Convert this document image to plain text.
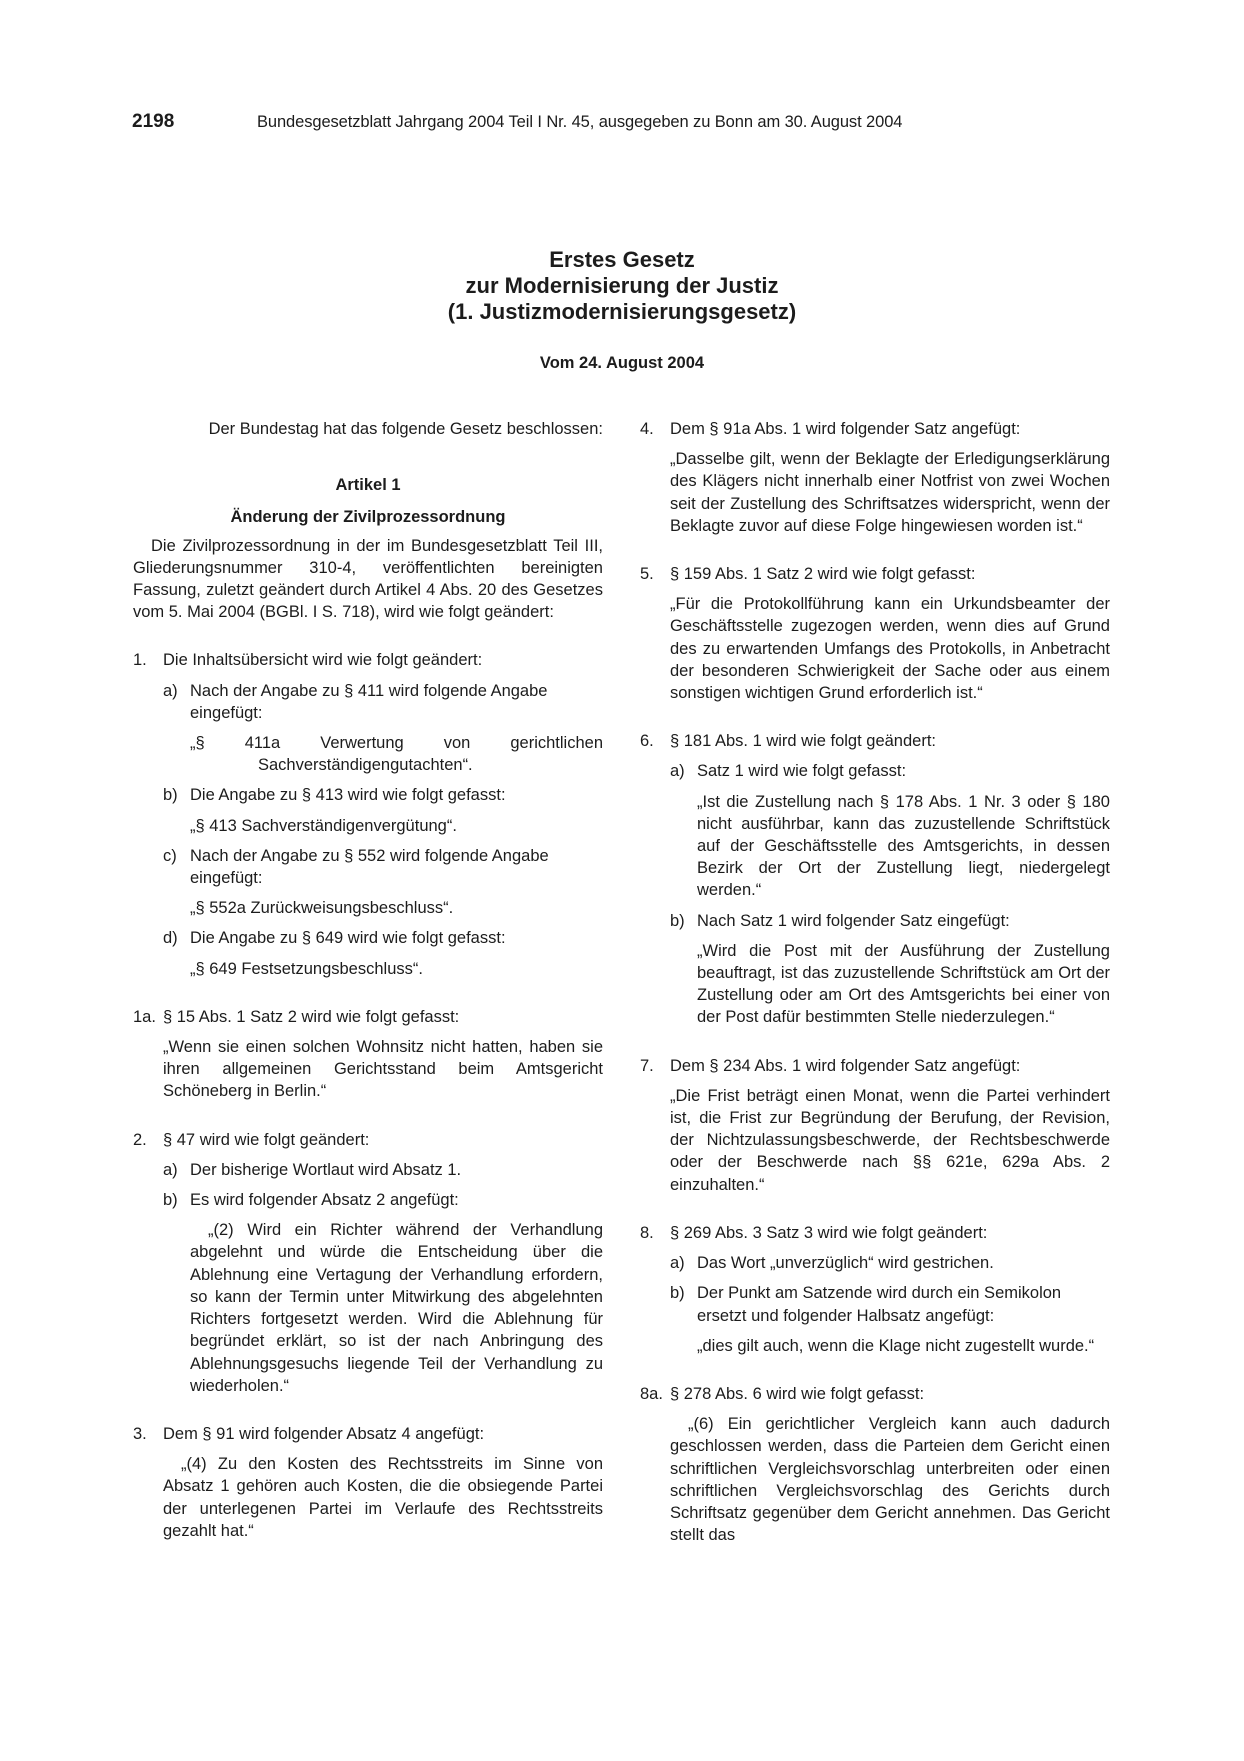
2198	Bundesgesetzblatt Jahrgang 2004 Teil I Nr. 45, ausgegeben zu Bonn am 30. August 2004
Erstes Gesetz
zur Modernisierung der Justiz
(1. Justizmodernisierungsgesetz)
Vom 24. August 2004
Der Bundestag hat das folgende Gesetz beschlossen:
Artikel 1
Änderung der Zivilprozessordnung
Die Zivilprozessordnung in der im Bundesgesetzblatt Teil III, Gliederungsnummer 310-4, veröffentlichten bereinigten Fassung, zuletzt geändert durch Artikel 4 Abs. 20 des Gesetzes vom 5. Mai 2004 (BGBl. I S. 718), wird wie folgt geändert:
1. Die Inhaltsübersicht wird wie folgt geändert:
a) Nach der Angabe zu § 411 wird folgende Angabe eingefügt:
„§ 411a Verwertung von gerichtlichen Sachverständigengutachten“.
b) Die Angabe zu § 413 wird wie folgt gefasst:
„§ 413 Sachverständigenvergütung“.
c) Nach der Angabe zu § 552 wird folgende Angabe eingefügt:
„§ 552a Zurückweisungsbeschluss“.
d) Die Angabe zu § 649 wird wie folgt gefasst:
„§ 649 Festsetzungsbeschluss“.
1a. § 15 Abs. 1 Satz 2 wird wie folgt gefasst:
„Wenn sie einen solchen Wohnsitz nicht hatten, haben sie ihren allgemeinen Gerichtsstand beim Amtsgericht Schöneberg in Berlin.“
2. § 47 wird wie folgt geändert:
a) Der bisherige Wortlaut wird Absatz 1.
b) Es wird folgender Absatz 2 angefügt:
„(2) Wird ein Richter während der Verhandlung abgelehnt und würde die Entscheidung über die Ablehnung eine Vertagung der Verhandlung erfordern, so kann der Termin unter Mitwirkung des abgelehnten Richters fortgesetzt werden. Wird die Ablehnung für begründet erklärt, so ist der nach Anbringung des Ablehnungsgesuchs liegende Teil der Verhandlung zu wiederholen.“
3. Dem § 91 wird folgender Absatz 4 angefügt:
„(4) Zu den Kosten des Rechtsstreits im Sinne von Absatz 1 gehören auch Kosten, die die obsiegende Partei der unterlegenen Partei im Verlaufe des Rechtsstreits gezahlt hat.“
4. Dem § 91a Abs. 1 wird folgender Satz angefügt:
„Dasselbe gilt, wenn der Beklagte der Erledigungserklärung des Klägers nicht innerhalb einer Notfrist von zwei Wochen seit der Zustellung des Schriftsatzes widerspricht, wenn der Beklagte zuvor auf diese Folge hingewiesen worden ist.“
5. § 159 Abs. 1 Satz 2 wird wie folgt gefasst:
„Für die Protokollführung kann ein Urkundsbeamter der Geschäftsstelle zugezogen werden, wenn dies auf Grund des zu erwartenden Umfangs des Protokolls, in Anbetracht der besonderen Schwierigkeit der Sache oder aus einem sonstigen wichtigen Grund erforderlich ist.“
6. § 181 Abs. 1 wird wie folgt geändert:
a) Satz 1 wird wie folgt gefasst:
„Ist die Zustellung nach § 178 Abs. 1 Nr. 3 oder § 180 nicht ausführbar, kann das zuzustellende Schriftstück auf der Geschäftsstelle des Amtsgerichts, in dessen Bezirk der Ort der Zustellung liegt, niedergelegt werden.“
b) Nach Satz 1 wird folgender Satz eingefügt:
„Wird die Post mit der Ausführung der Zustellung beauftragt, ist das zuzustellende Schriftstück am Ort der Zustellung oder am Ort des Amtsgerichts bei einer von der Post dafür bestimmten Stelle niederzulegen.“
7. Dem § 234 Abs. 1 wird folgender Satz angefügt:
„Die Frist beträgt einen Monat, wenn die Partei verhindert ist, die Frist zur Begründung der Berufung, der Revision, der Nichtzulassungsbeschwerde, der Rechtsbeschwerde oder der Beschwerde nach §§ 621e, 629a Abs. 2 einzuhalten.“
8. § 269 Abs. 3 Satz 3 wird wie folgt geändert:
a) Das Wort „unverzüglich“ wird gestrichen.
b) Der Punkt am Satzende wird durch ein Semikolon ersetzt und folgender Halbsatz angefügt:
„dies gilt auch, wenn die Klage nicht zugestellt wurde.“
8a. § 278 Abs. 6 wird wie folgt gefasst:
„(6) Ein gerichtlicher Vergleich kann auch dadurch geschlossen werden, dass die Parteien dem Gericht einen schriftlichen Vergleichsvorschlag unterbreiten oder einen schriftlichen Vergleichsvorschlag des Gerichts durch Schriftsatz gegenüber dem Gericht annehmen. Das Gericht stellt das
